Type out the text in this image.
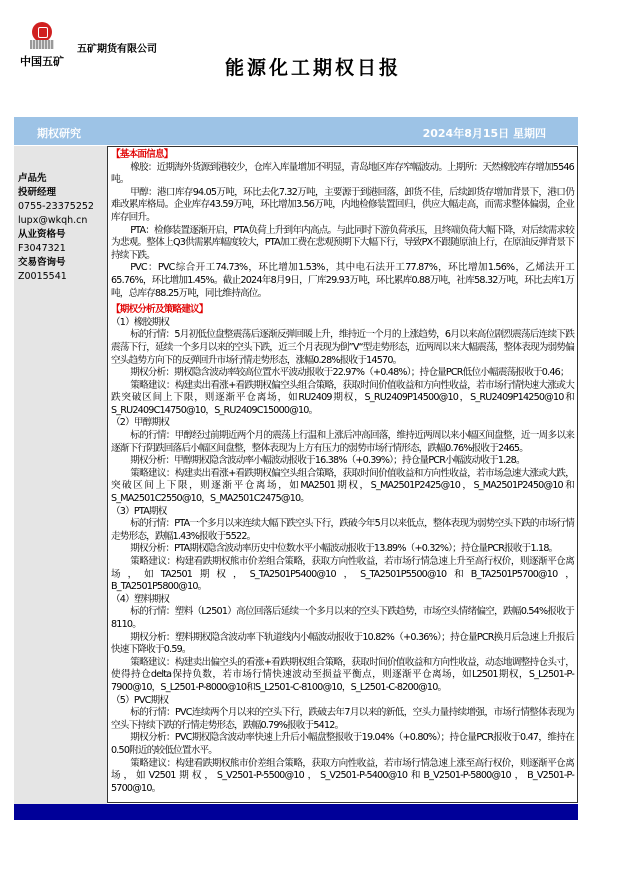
中国五矿
五矿期货有限公司
能源化工期权日报
期权研究	2024年8月15日 星期四
卢品先
投研经理
0755-23375252
lupx@wkqh.cn
从业资格号
F3047321
交易咨询号
Z0015541
【基本面信息】

橡胶：近期海外货源到港较少，仓库入库量增加不明显，青岛地区库存窄幅波动。上期所：天然橡胶库存增加5546吨。

甲醇：港口库存94.05万吨，环比去化7.32万吨，主要源于到港回落，卸货不佳，后续卸货存增加背景下，港口仍难改累库格局。企业库存43.59万吨，环比增加3.56万吨，内地检修装置回归，供应大幅走高，而需求整体偏弱，企业库存回升。

PTA：检修装置逐渐开启，PTA负荷上升到年内高点。与此同时下游负荷承压，且终端负荷大幅下降，对后续需求较为悲观。整体上Q3供需累库幅度较大，PTA加工费在悲观预期下大幅下行，导致PX不跟随原油上行，在原油反弹背景下持续下跌。

PVC：PVC综合开工74.73%，环比增加1.53%，其中电石法开工77.87%，环比增加1.56%，乙烯法开工65.76%，环比增加1.45%。截止2024年8月9日，厂库29.93万吨，环比累库0.88万吨，社库58.32万吨，环比去库1万吨，总库存88.25万吨，同比维持高位。

【期权分析及策略建议】
（1）橡胶期权

标的行情：5月初低位盘整震荡后逐渐反弹回暖上升，维持近一个月的上涨趋势，6月以来高位剧烈震荡后连续下跌震荡下行，延续一个多月以来的空头下跌，近三个月表现为倒”V“型走势形态，近两周以来大幅震荡，整体表现为弱势偏空头趋势方向下的反弹回升市场行情走势形态，涨幅0.28%报收于14570。

期权分析：期权隐含波动率较高位置水平波动报收于22.97%（+0.48%）；持仓量PCR低位小幅震荡报收于0.46；

策略建议：构建卖出看涨+看跌期权偏空头组合策略，获取时间价值收益和方向性收益，若市场行情快速大涨或大跌突破区间上下限，则逐渐平仓离场，如RU2409期权，S_RU2409P14500@10，S_RU2409P14250@10和S_RU2409C14750@10，S_RU2409C15000@10。

（2）甲醇期权

标的行情：甲醇经过前期近两个月的震荡上行温和上涨后冲高回落，维持近两周以来小幅区间盘整，近一周多以来逐渐下行阴跌回落后小幅区间盘整，整体表现为上方有压力的弱势市场行情形态，跌幅0.76%报收于2465。

期权分析：甲醇期权隐含波动率小幅波动报收于16.38%（+0.39%）；持仓量PCR小幅波动收于1.28。

策略建议：构建卖出看涨+看跌期权偏空头组合策略，获取时间价值收益和方向性收益，若市场急速大涨或大跌，突破区间上下限，则逐渐平仓离场，如MA2501期权，S_MA2501P2425@10，S_MA2501P2450@10和S_MA2501C2550@10，S_MA2501C2475@10。

（3）PTA期权

标的行情：PTA一个多月以来连续大幅下跌空头下行，跌破今年5月以来低点，整体表现为弱势空头下跌的市场行情走势形态，跌幅1.43%报收于5522。

期权分析：PTA期权隐含波动率历史中位数水平小幅波动报收于13.89%（+0.32%）；持仓量PCR报收于1.18。

策略建议：构建看跌期权熊市价差组合策略，获取方向性收益，若市场行情急速上升至高行权价，则逐渐平仓离场，如TA2501期权，S_TA2501P5400@10，S_TA2501P5500@10和B_TA2501P5700@10，B_TA2501P5800@10。

（4）塑料期权

标的行情：塑料（L2501）高位回落后延续一个多月以来的空头下跌趋势，市场空头情绪偏空，跌幅0.54%报收于8110。

期权分析：塑料期权隐含波动率下轨道线内小幅波动报收于10.82%（+0.36%）；持仓量PCR换月后急速上升报后快速下降收于0.59。

策略建议：构建卖出偏空头的看涨+看跌期权组合策略，获取时间价值收益和方向性收益，动态地调整持仓头寸，使得持仓delta保持负数，若市场行情快速波动至损益平衡点，则逐渐平仓离场，如L2501期权，S_L2501-P-7900@10，S_L2501-P-8000@10和S_L2501-C-8100@10，S_L2501-C-8200@10。

（5）PVC期权

标的行情：PVC连续两个月以来的空头下行，跌破去年7月以来的新低，空头力量持续增强，市场行情整体表现为空头下持续下跌的行情走势形态，跌幅0.79%报收于5412。

期权分析：PVC期权隐含波动率快速上升后小幅盘整报收于19.04%（+0.80%）；持仓量PCR报收于0.47，维持在0.50附近的较低位置水平。

策略建议：构建看跌期权熊市价差组合策略，获取方向性收益，若市场行情急速上涨至高行权价，则逐渐平仓离场，如V2501期权，S_V2501-P-5500@10，S_V2501-P-5400@10和B_V2501-P-5800@10，B_V2501-P-5700@10。
